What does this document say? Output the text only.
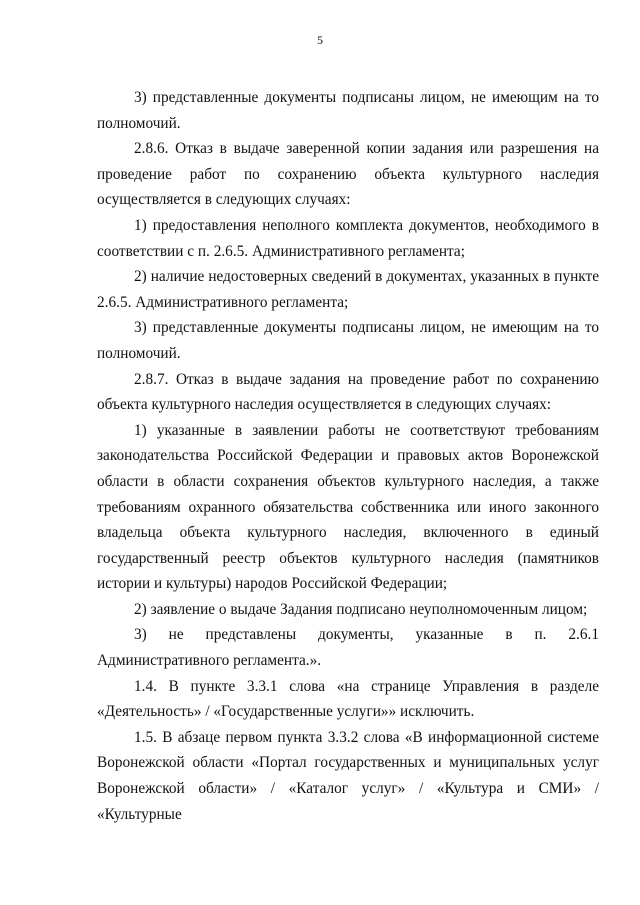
5

3) представленные документы подписаны лицом, не имеющим на то полномочий.

2.8.6. Отказ в выдаче заверенной копии задания или разрешения на проведение работ по сохранению объекта культурного наследия осуществляется в следующих случаях:

1) предоставления неполного комплекта документов, необходимого в соответствии с п. 2.6.5. Административного регламента;

2) наличие недостоверных сведений в документах, указанных в пункте 2.6.5. Административного регламента;

3) представленные документы подписаны лицом, не имеющим на то полномочий.

2.8.7. Отказ в выдаче задания на проведение работ по сохранению объекта культурного наследия осуществляется в следующих случаях:

1) указанные в заявлении работы не соответствуют требованиям законодательства Российской Федерации и правовых актов Воронежской области в области сохранения объектов культурного наследия, а также требованиям охранного обязательства собственника или иного законного владельца объекта культурного наследия, включенного в единый государственный реестр объектов культурного наследия (памятников истории и культуры) народов Российской Федерации;

2) заявление о выдаче Задания подписано неуполномоченным лицом;

3) не представлены документы, указанные в п. 2.6.1 Административного регламента.».

1.4. В пункте 3.3.1 слова «на странице Управления в разделе «Деятельность» / «Государственные услуги»» исключить.

1.5. В абзаце первом пункта 3.3.2 слова «В информационной системе Воронежской области «Портал государственных и муниципальных услуг Воронежской области» / «Каталог услуг» / «Культура и СМИ» / «Культурные
